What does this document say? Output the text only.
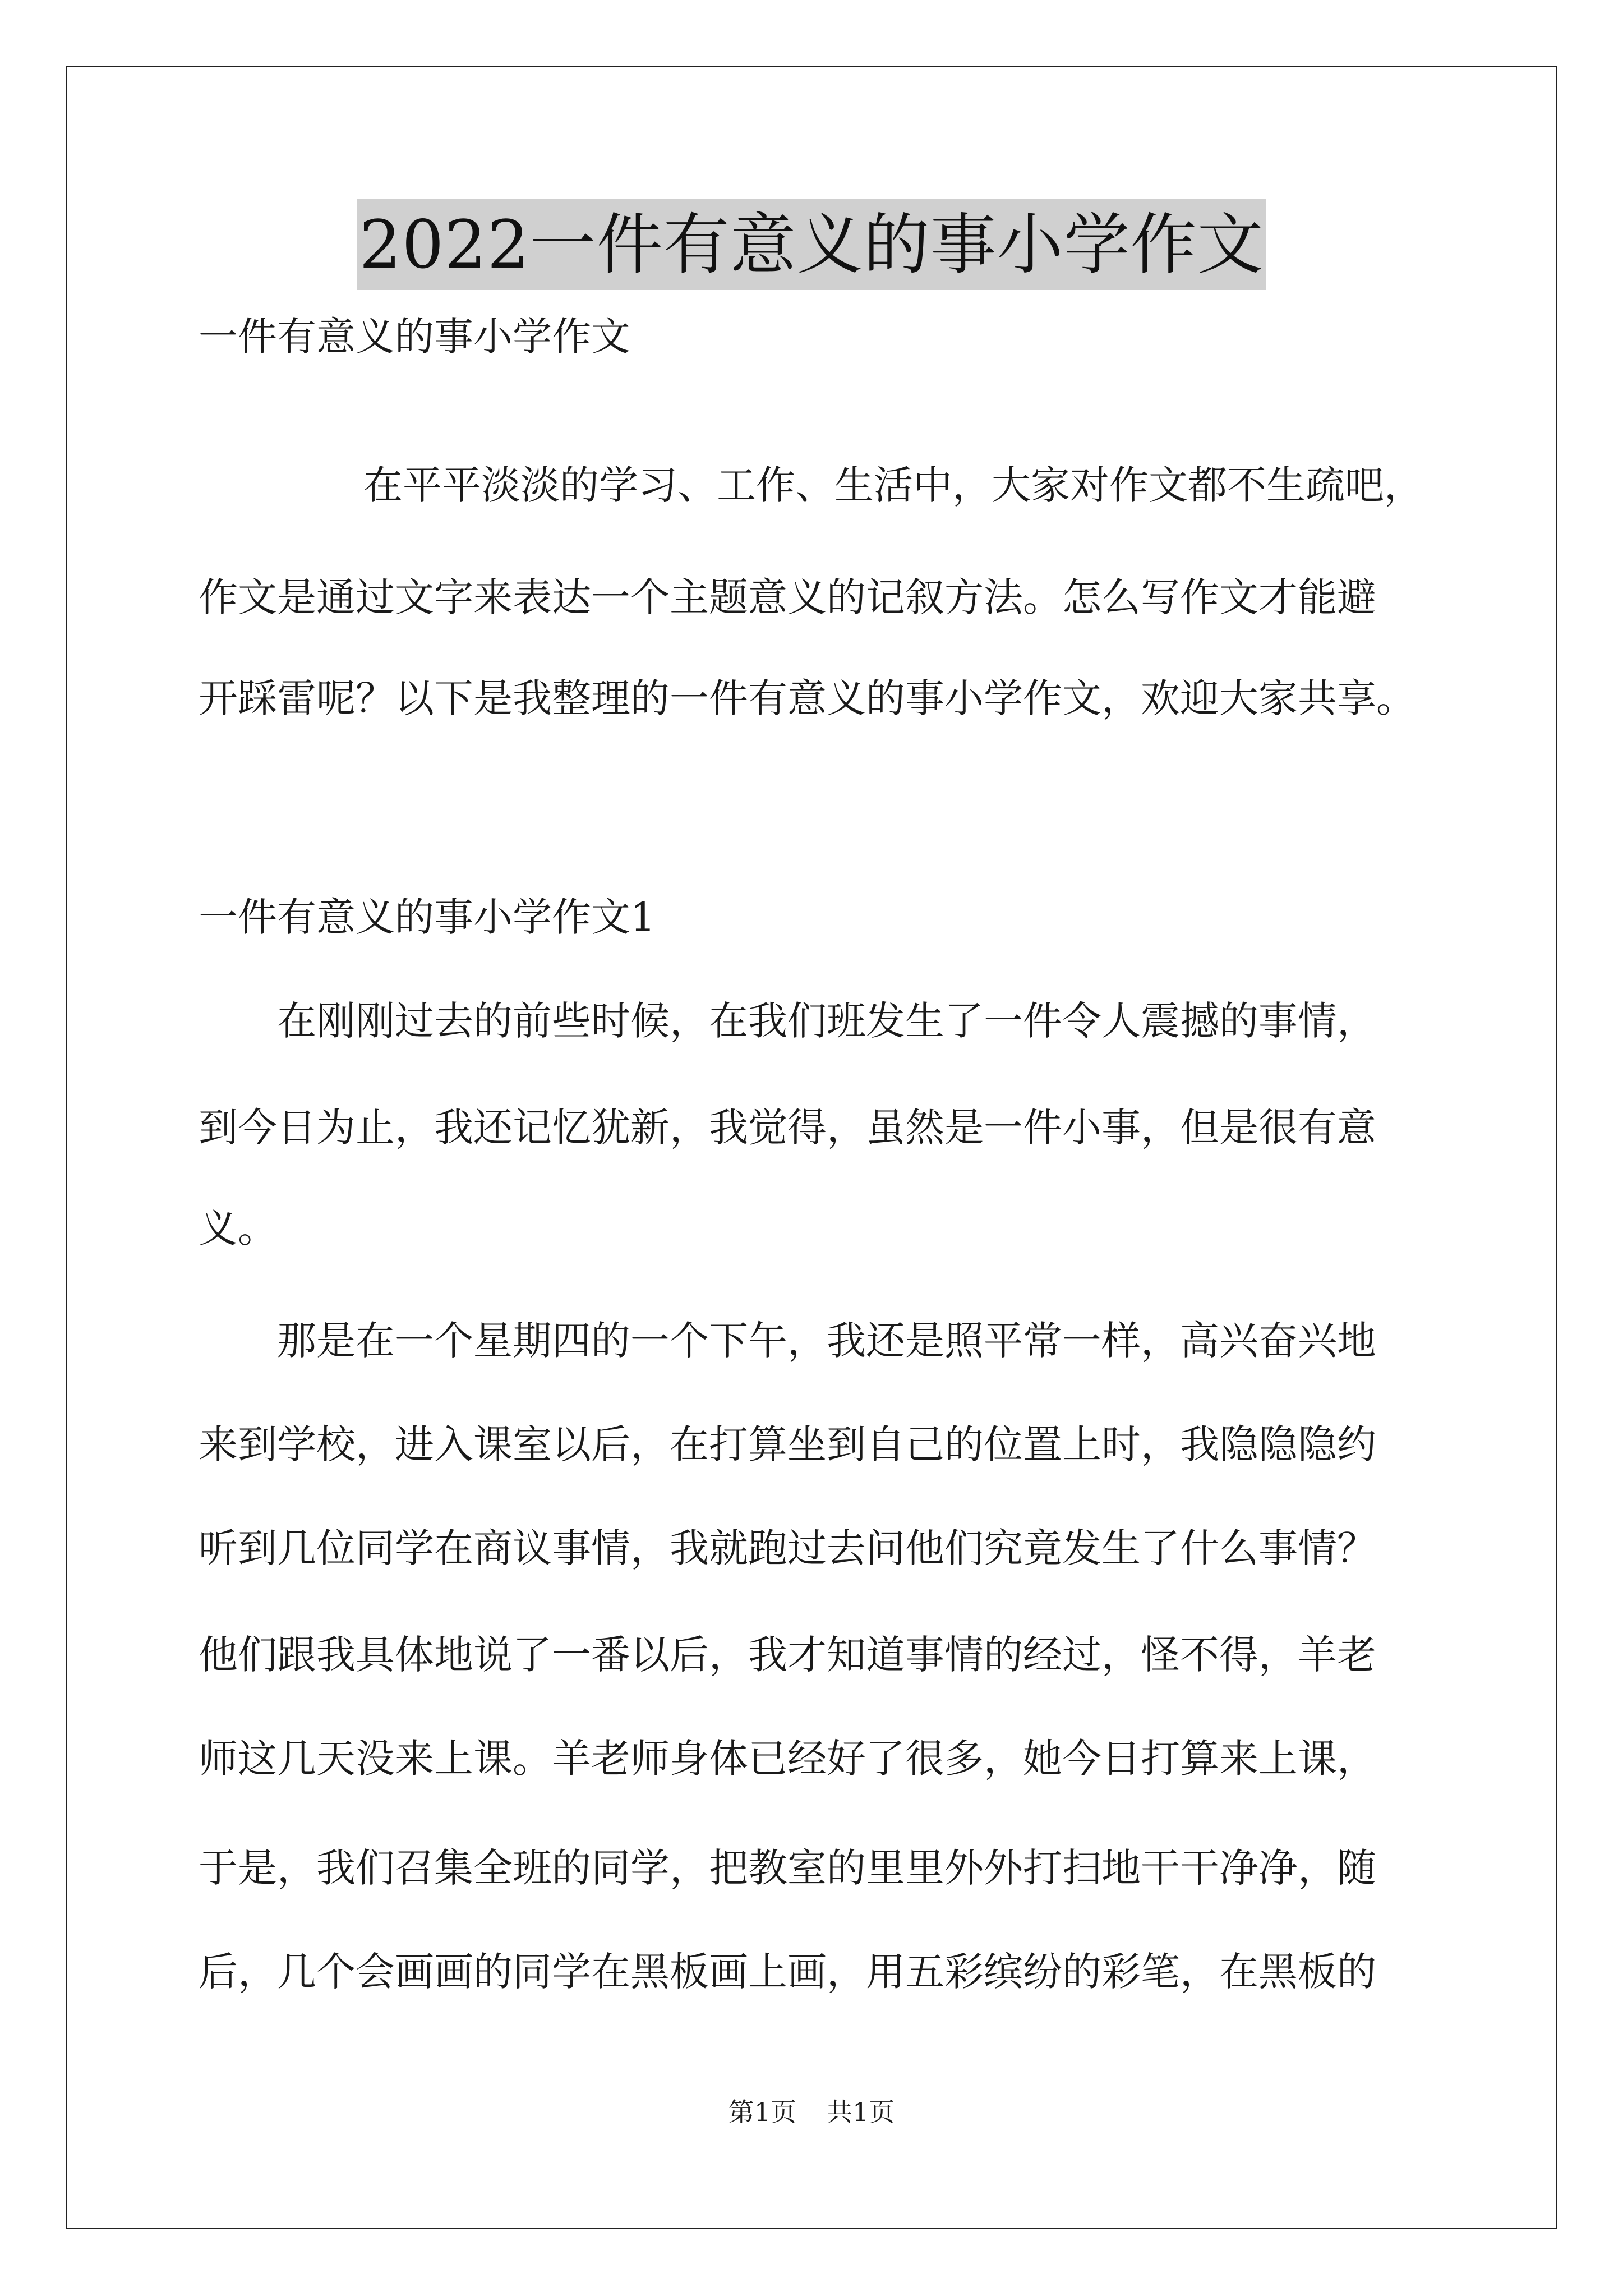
2022一件有意义的事小学作文
一件有意义的事小学作文
在平平淡淡的学习、工作、生活中，大家对作文都不生疏吧，
作文是通过文字来表达一个主题意义的记叙方法。怎么写作文才能避
开踩雷呢？以下是我整理的一件有意义的事小学作文，欢迎大家共享。
一件有意义的事小学作文1
在刚刚过去的前些时候，在我们班发生了一件令人震撼的事情，
到今日为止，我还记忆犹新，我觉得，虽然是一件小事，但是很有意
义。
那是在一个星期四的一个下午，我还是照平常一样，高兴奋兴地
来到学校，进入课室以后，在打算坐到自己的位置上时，我隐隐隐约
听到几位同学在商议事情，我就跑过去问他们究竟发生了什么事情？
他们跟我具体地说了一番以后，我才知道事情的经过，怪不得，羊老
师这几天没来上课。羊老师身体已经好了很多，她今日打算来上课，
于是，我们召集全班的同学，把教室的里里外外打扫地干干净净，随
后，几个会画画的同学在黑板画上画，用五彩缤纷的彩笔，在黑板的
第1页 共1页
